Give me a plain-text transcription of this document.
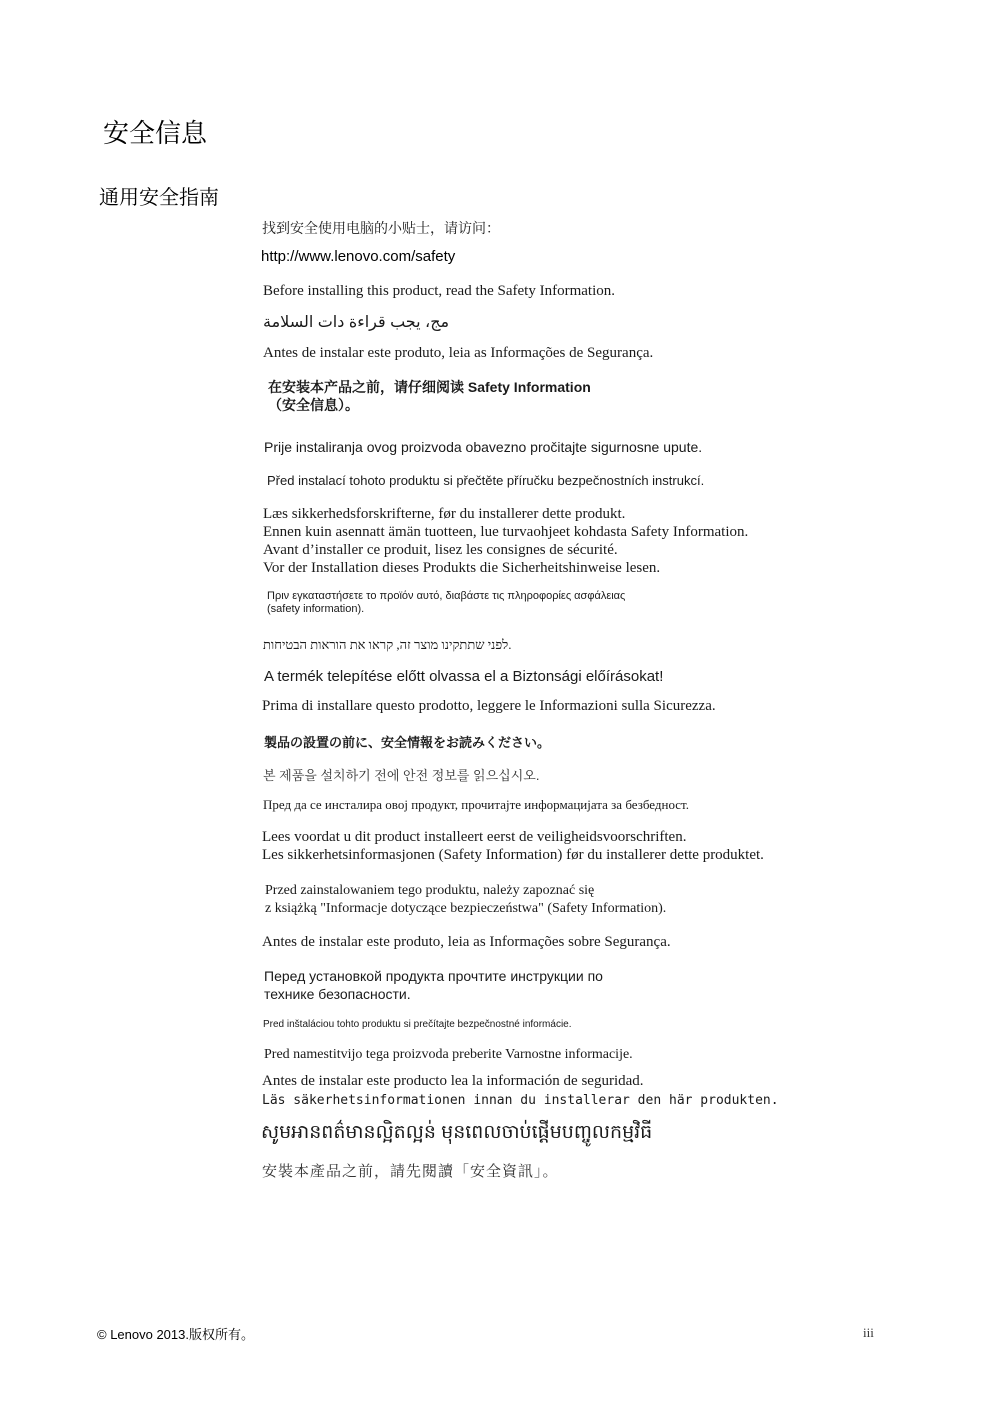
安全信息
通用安全指南
找到安全使用电脑的小贴士，请访问：
http://www.lenovo.com/safety
Before installing this product, read the Safety Information.
مج، يجب قراءة دات السلامة
Antes de instalar este produto, leia as Informações de Segurança.
在安装本产品之前，请仔细阅读 Safety Information
（安全信息）。
Prije instaliranja ovog proizvoda obavezno pročitajte sigurnosne upute.
Před instalací tohoto produktu si přečtěte příručku bezpečnostních instrukcí.
Læs sikkerhedsforskrifterne, før du installerer dette produkt.
Ennen kuin asennatt ämän tuotteen, lue turvaohjeet kohdasta Safety Information.
Avant d’installer ce produit, lisez les consignes de sécurité.
Vor der Installation dieses Produkts die Sicherheitshinweise lesen.
Πριν εγκαταστήσετε το προϊόν αυτό, διαβάστε τις πληροφορίες ασφάλειας
(safety information).
לפני שתתקינו מוצר זה, קראו את הוראות הבטיחות.
A termék telepítése előtt olvassa el a Biztonsági előírásokat!
Prima di installare questo prodotto, leggere le Informazioni sulla Sicurezza.
製品の設置の前に、安全情報をお読みください。
본 제품을 설치하기 전에 안전 정보를 읽으십시오.
Пред да се инсталира овој продукт, прочитајте информацијата за безбедност.
Lees voordat u dit product installeert eerst de veiligheidsvoorschriften.
Les sikkerhetsinformasjonen (Safety Information) før du installerer dette produktet.
Przed zainstalowaniem tego produktu, należy zapoznać się
z książką "Informacje dotyczące bezpieczeństwa" (Safety Information).
Antes de instalar este produto, leia as Informações sobre Segurança.
Перед установкой продукта прочтите инструкции по
технике безопасности.
Pred inštaláciou tohto produktu si prečítajte bezpečnostné informácie.
Pred namestitvijo tega proizvoda preberite Varnostne informacije.
Antes de instalar este producto lea la información de seguridad.
Läs säkerhetsinformationen innan du installerar den här produkten.
សូមអានពត៌មានល្អិតល្អន់ មុនពេលចាប់ផ្តើមបញ្ចូលកម្មវិធី
安裝本產品之前，請先閱讀「安全資訊」。
© Lenovo 2013.版权所有。	iii
